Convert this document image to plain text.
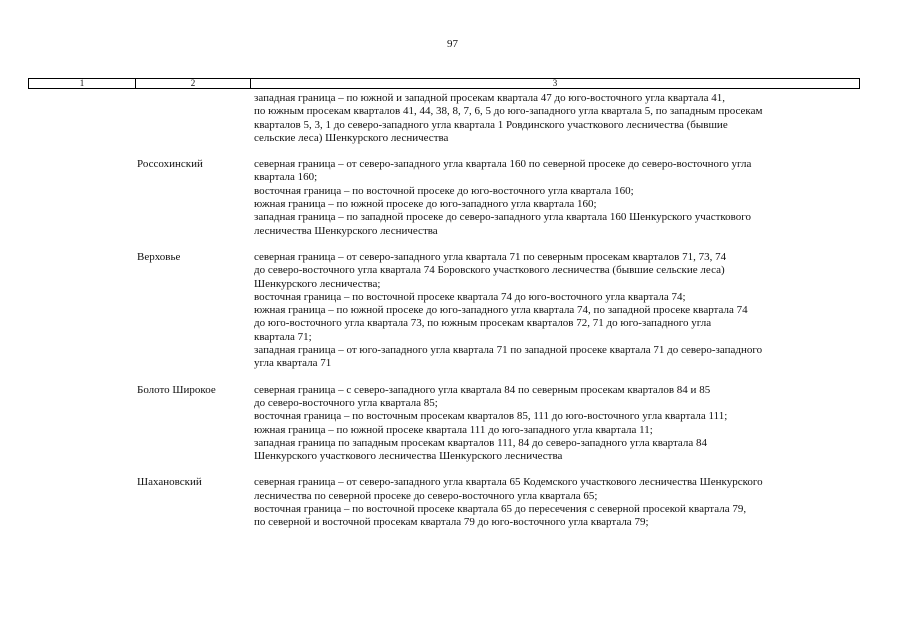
97
1	2	3
западная граница – по южной и западной просекам квартала 47 до юго-восточного угла квартала 41,
по южным просекам кварталов 41, 44, 38, 8, 7, 6, 5 до юго-западного угла квартала 5, по западным просекам
кварталов 5, 3, 1 до северо-западного угла квартала 1 Ровдинского участкового лесничества (бывшие
сельские леса) Шенкурского лесничества
Россохинский	северная граница – от северо-западного угла квартала 160 по северной просеке до северо-восточного угла
квартала 160;
восточная граница – по восточной просеке до юго-восточного угла квартала 160;
южная граница – по южной просеке до юго-западного угла квартала 160;
западная граница – по западной просеке до северо-западного угла квартала 160 Шенкурского участкового
лесничества Шенкурского лесничества
Верховье	северная граница – от северо-западного угла квартала 71 по северным просекам кварталов 71, 73, 74
до северо-восточного угла квартала 74 Боровского участкового лесничества (бывшие сельские леса)
Шенкурского лесничества;
восточная граница – по восточной просеке квартала 74 до юго-восточного угла квартала 74;
южная граница – по южной просеке до юго-западного угла квартала 74, по западной просеке квартала 74
до юго-восточного угла квартала 73, по южным просекам кварталов 72, 71 до юго-западного угла
квартала 71;
западная граница – от юго-западного угла квартала 71 по западной просеке квартала 71 до северо-западного
угла квартала 71
Болото Широкое	северная граница – с северо-западного угла квартала 84 по северным просекам кварталов 84 и 85
до северо-восточного угла квартала 85;
восточная граница – по восточным просекам кварталов 85, 111 до юго-восточного угла квартала 111;
южная граница – по южной просеке квартала 111 до юго-западного угла квартала 11;
западная граница по западным просекам кварталов 111, 84 до северо-западного угла квартала 84
Шенкурского участкового лесничества Шенкурского лесничества
Шахановский	северная граница – от северо-западного угла квартала 65 Кодемского участкового лесничества Шенкурского
лесничества по северной просеке до северо-восточного угла квартала 65;
восточная граница – по восточной просеке квартала 65 до пересечения с северной просекой квартала 79,
по северной и восточной просекам квартала 79 до юго-восточного угла квартала 79;
